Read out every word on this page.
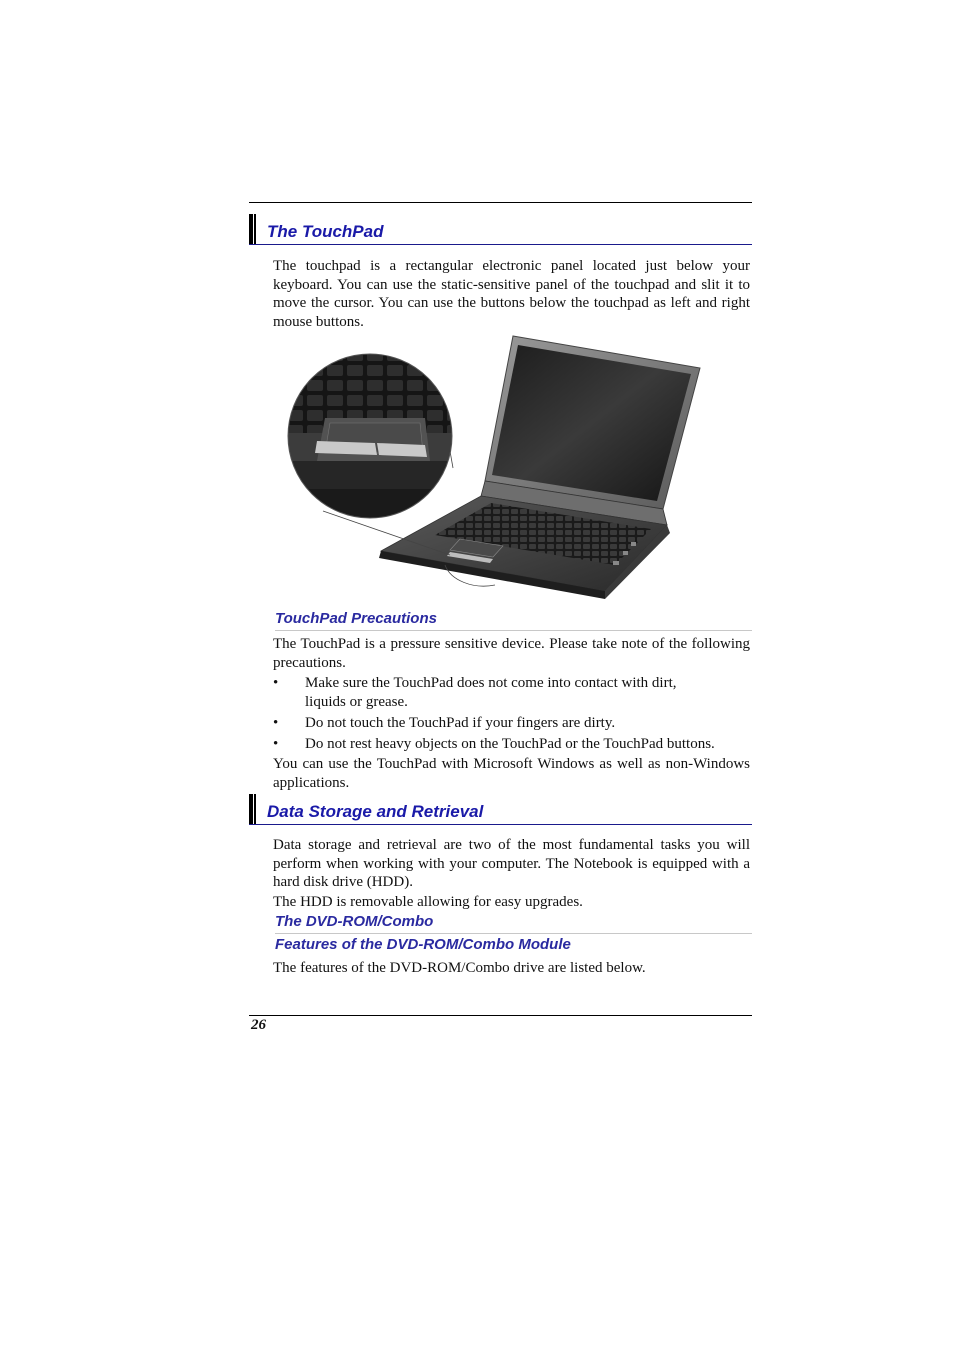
The TouchPad

The touchpad is a rectangular electronic panel located just below your keyboard. You can use the static-sensitive panel of the touchpad and slit it to move the cursor. You can use the buttons below the touchpad as left and right mouse buttons.

TouchPad Precautions

The TouchPad is a pressure sensitive device. Please take note of the following precautions.

• Make sure the TouchPad does not come into contact with dirt, liquids or grease.
• Do not touch the TouchPad if your fingers are dirty.
• Do not rest heavy objects on the TouchPad or the TouchPad buttons.

You can use the TouchPad with Microsoft Windows as well as non-Windows applications.

Data Storage and Retrieval

Data storage and retrieval are two of the most fundamental tasks you will perform when working with your computer. The Notebook is equipped with a hard disk drive (HDD).

The HDD is removable allowing for easy upgrades.

The DVD-ROM/Combo
Features of the DVD-ROM/Combo Module

The features of the DVD-ROM/Combo drive are listed below.

26
